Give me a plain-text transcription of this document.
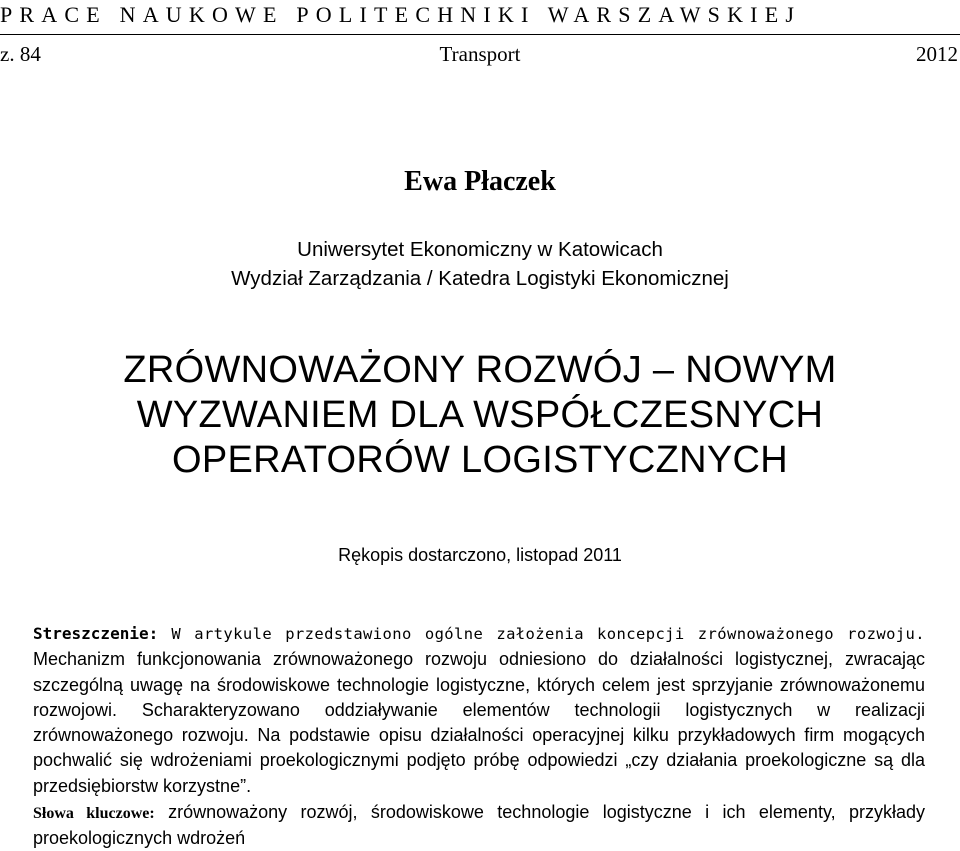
PRACE NAUKOWE POLITECHNIKI WARSZAWSKIEJ
z. 84	Transport	2012
Ewa Płaczek
Uniwersytet Ekonomiczny w Katowicach
Wydział Zarządzania / Katedra Logistyki Ekonomicznej
ZRÓWNOWAŻONY ROZWÓJ – NOWYM
WYZWANIEM DLA WSPÓŁCZESNYCH
OPERATORÓW LOGISTYCZNYCH
Rękopis dostarczono, listopad 2011
Streszczenie: W artykule przedstawiono ogólne założenia koncepcji zrównoważonego rozwoju. Mechanizm funkcjonowania zrównoważonego rozwoju odniesiono do działalności logistycznej, zwracając szczególną uwagę na środowiskowe technologie logistyczne, których celem jest sprzyjanie zrównoważonemu rozwojowi. Scharakteryzowano oddziaływanie elementów technologii logistycznych w realizacji zrównoważonego rozwoju. Na podstawie opisu działalności operacyjnej kilku przykładowych firm mogących pochwalić się wdrożeniami proekologicznymi podjęto próbę odpowiedzi „czy działania proekologiczne są dla przedsiębiorstw korzystne”.
Słowa kluczowe: zrównoważony rozwój, środowiskowe technologie logistyczne i ich elementy, przykłady proekologicznych wdrożeń
